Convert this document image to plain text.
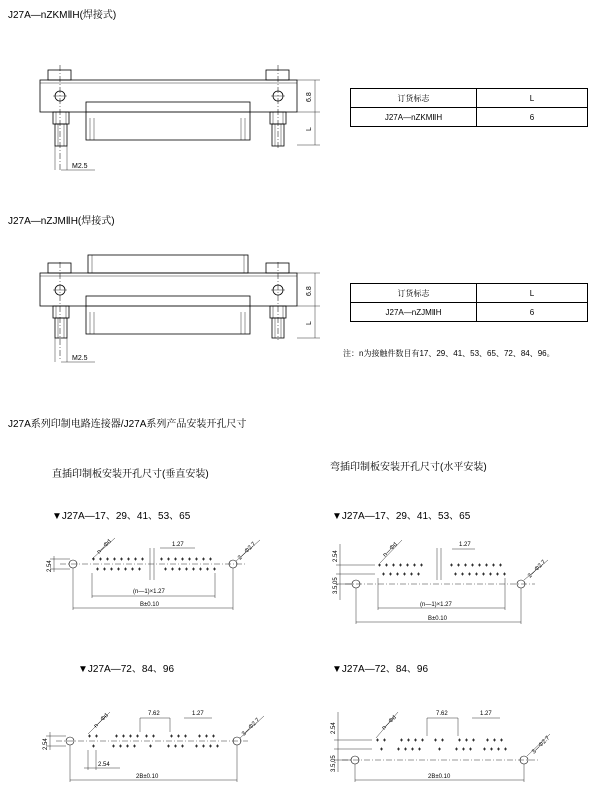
J27A—nZKMⅡH(焊接式)
6.8
L
M2.5
6.8
L
M2.5
n—Φd	2—Φ2.7
1.27
(n—1)×1.27
B±0.10
2.54
n—Φd
2—Φ2.7
1.27
(n—1)×1.27
B±0.10
2.54
3.5,05
n—Φd	3—Φ2.7
7.62	1.27
2.54
2B±0.10
2.54
n—Φd
3—Φ2.7
7.62	1.27
2B±0.10
2.54
3.5,05
订货标志	L
J27A—nZKMⅡH	6
J27A—nZJMⅡH(焊接式)
订货标志	L
J27A—nZJMⅡH	6
注：n为接触件数目有17、29、41、53、65、72、84、96。
J27A系列印制电路连接器/J27A系列产品安装开孔尺寸
直插印制板安装开孔尺寸(垂直安装)
弯插印制板安装开孔尺寸(水平安装)
▼J27A—17、29、41、53、65	▼J27A—17、29、41、53、65
▼J27A—72、84、96	▼J27A—72、84、96
